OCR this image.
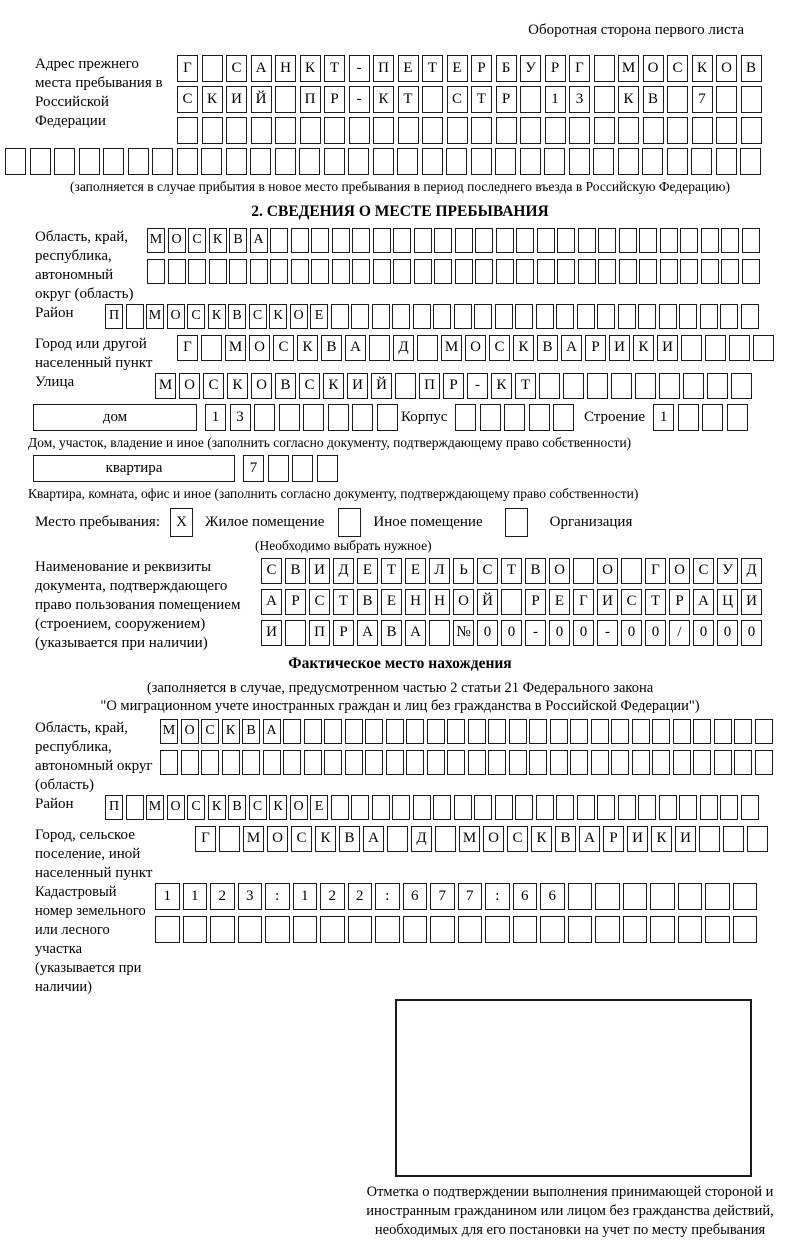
Оборотная сторона первого листа
Адрес прежнего места пребывания в Российской Федерации
Г	С А Н К Т - П Е Т Е Р Б У Р Г	М О С К О В
С К И Й	П Р - К Т	С Т Р	1 3	К В	7
(заполняется в случае прибытия в новое место пребывания в период последнего въезда в Российскую Федерацию)
2. СВЕДЕНИЯ О МЕСТЕ ПРЕБЫВАНИЯ
Область, край, республика, автономный округ (область)
М О С К В А
Район	П М О С К В С К О Е
Город или другой населенный пункт
Г М О С К В А Д М О С К В А Р И К И
Улица	М О С К О В С К И Й П Р - К Т
дом	1 3	Корпус	Строение 1
Дом, участок, владение и иное (заполнить согласно документу, подтверждающему право собственности)
квартира	7
Квартира, комната, офис и иное (заполнить согласно документу, подтверждающему право собственности)
Место пребывания:	X	Жилое помещение	Иное помещение	Организация
(Необходимо выбрать нужное)
Наименование и реквизиты документа, подтверждающего право пользования помещением (строением, сооружением) (указывается при наличии)
С В И Д Е Т Е Л Ь С Т В О О	Г О С У Д
А Р С Т В Е Н Н О Й	Р Е Г И С Т Р А Ц И
И П Р А В А № 0 0 - 0 0 - 0 0 / 0 0 0
Фактическое место нахождения
(заполняется в случае, предусмотренном частью 2 статьи 21 Федерального закона
"О миграционном учете иностранных граждан и лиц без гражданства в Российской Федерации")
Область, край, республика, автономный округ (область)
М О С К В А
Район	П М О С К В С К О Е
Город, сельское поселение, иной населенный пункт
Г М О С К В А Д М О С К В А Р И К И
Кадастровый номер земельного или лесного участка (указывается при наличии)
1 1 2 3 : 1 2 2 : 6 7 7 : 6 6
Отметка о подтверждении выполнения принимающей стороной и иностранным гражданином или лицом без гражданства действий, необходимых для его постановки на учет по месту пребывания
